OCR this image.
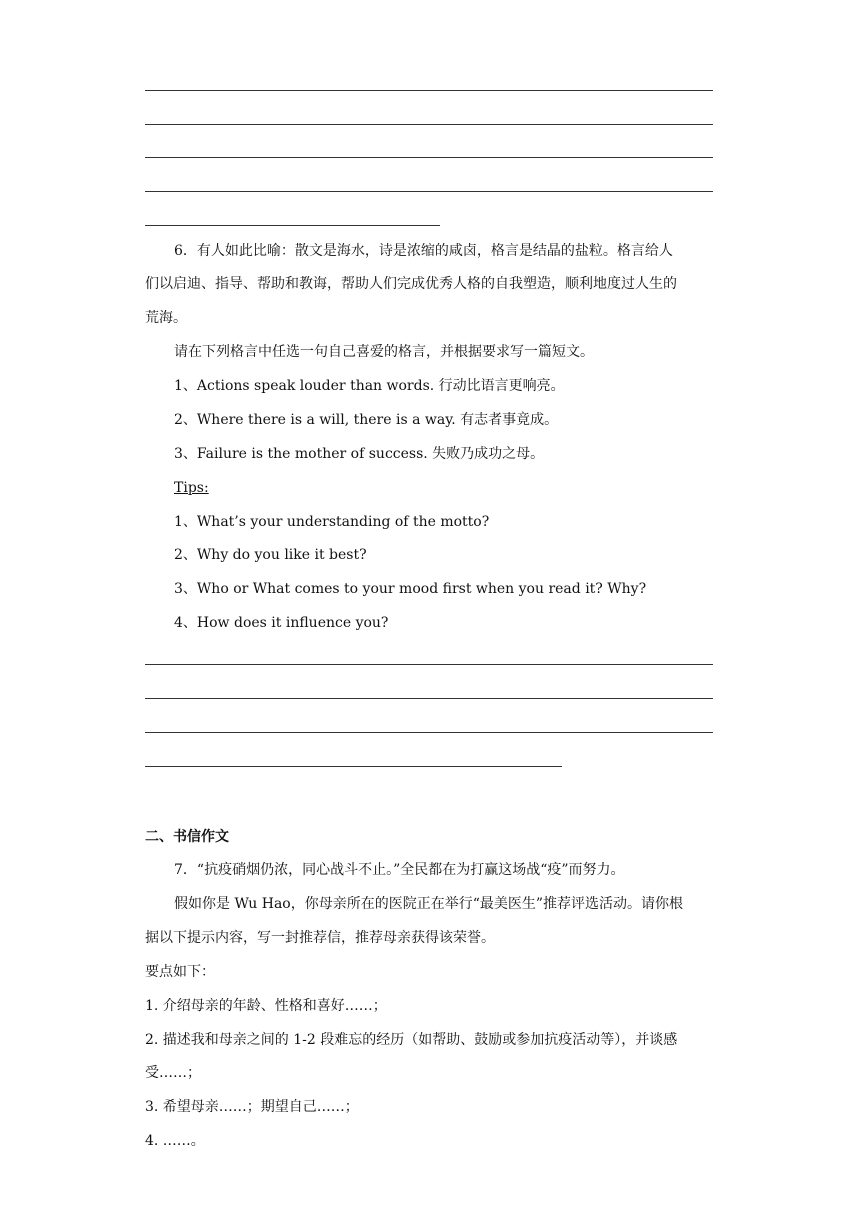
6．有人如此比喻：散文是海水，诗是浓缩的咸卤，格言是结晶的盐粒。格言给人
们以启迪、指导、帮助和教诲，帮助人们完成优秀人格的自我塑造，顺利地度过人生的
荒海。
请在下列格言中任选一句自己喜爱的格言，并根据要求写一篇短文。
1、Actions speak louder than words. 行动比语言更响亮。
2、Where there is a will, there is a way. 有志者事竟成。
3、Failure is the mother of success. 失败乃成功之母。
Tips:
1、What’s your understanding of the motto?
2、Why do you like it best?
3、Who or What comes to your mood first when you read it? Why?
4、How does it influence you?
二、书信作文
7．“抗疫硝烟仍浓，同心战斗不止。”全民都在为打赢这场战“疫”而努力。
假如你是 Wu Hao，你母亲所在的医院正在举行“最美医生”推荐评选活动。请你根
据以下提示内容，写一封推荐信，推荐母亲获得该荣誉。
要点如下：
1. 介绍母亲的年龄、性格和喜好……；
2. 描述我和母亲之间的 1-2 段难忘的经历（如帮助、鼓励或参加抗疫活动等），并谈感
受……；
3. 希望母亲……；期望自己……；
4. ……。
